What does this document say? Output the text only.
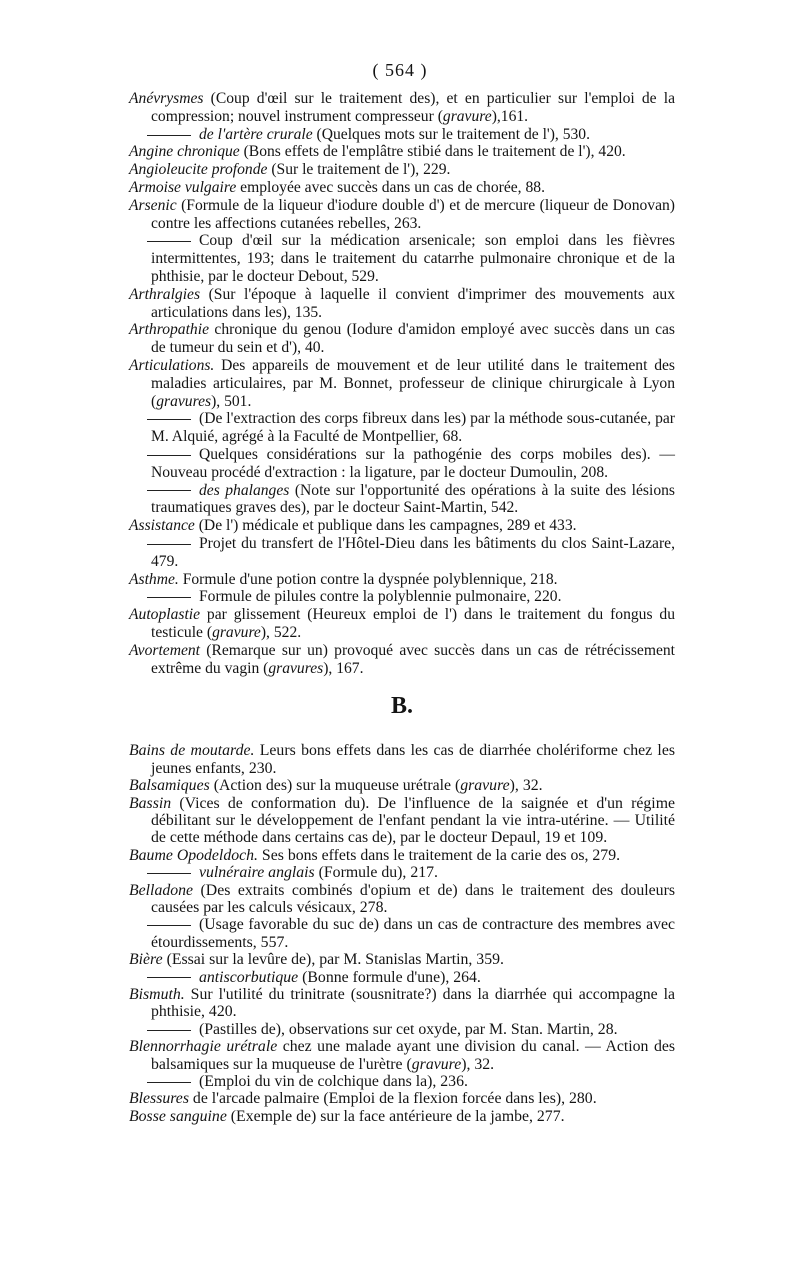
( 564 )

Anévrysmes (Coup d'œil sur le traitement des), et en particulier sur l'emploi de la compression; nouvel instrument compresseur (gravure),161.

de l'artère crurale (Quelques mots sur le traitement de l'), 530.

Angine chronique (Bons effets de l'emplâtre stibié dans le traitement de l'), 420.

Angioleucite profonde (Sur le traitement de l'), 229.

Armoise vulgaire employée avec succès dans un cas de chorée, 88.

Arsenic (Formule de la liqueur d'iodure double d') et de mercure (liqueur de Donovan) contre les affections cutanées rebelles, 263.

Coup d'œil sur la médication arsenicale; son emploi dans les fièvres intermittentes, 193; dans le traitement du catarrhe pulmonaire chronique et de la phthisie, par le docteur Debout, 529.

Arthralgies (Sur l'époque à laquelle il convient d'imprimer des mouvements aux articulations dans les), 135.

Arthropathie chronique du genou (Iodure d'amidon employé avec succès dans un cas de tumeur du sein et d'), 40.

Articulations. Des appareils de mouvement et de leur utilité dans le traitement des maladies articulaires, par M. Bonnet, professeur de clinique chirurgicale à Lyon (gravures), 501.

(De l'extraction des corps fibreux dans les) par la méthode sous-cutanée, par M. Alquié, agrégé à la Faculté de Montpellier, 68.

Quelques considérations sur la pathogénie des corps mobiles des). — Nouveau procédé d'extraction : la ligature, par le docteur Dumoulin, 208.

des phalanges (Note sur l'opportunité des opérations à la suite des lésions traumatiques graves des), par le docteur Saint-Martin, 542.

Assistance (De l') médicale et publique dans les campagnes, 289 et 433.

Projet du transfert de l'Hôtel-Dieu dans les bâtiments du clos Saint-Lazare, 479.

Asthme. Formule d'une potion contre la dyspnée polyblennique, 218.

Formule de pilules contre la polyblennie pulmonaire, 220.

Autoplastie par glissement (Heureux emploi de l') dans le traitement du fongus du testicule (gravure), 522.

Avortement (Remarque sur un) provoqué avec succès dans un cas de rétrécissement extrême du vagin (gravures), 167.

B.

Bains de moutarde. Leurs bons effets dans les cas de diarrhée cholériforme chez les jeunes enfants, 230.

Balsamiques (Action des) sur la muqueuse urétrale (gravure), 32.

Bassin (Vices de conformation du). De l'influence de la saignée et d'un régime débilitant sur le développement de l'enfant pendant la vie intra-utérine. — Utilité de cette méthode dans certains cas de), par le docteur Depaul, 19 et 109.

Baume Opodeldoch. Ses bons effets dans le traitement de la carie des os, 279.

vulnéraire anglais (Formule du), 217.

Belladone (Des extraits combinés d'opium et de) dans le traitement des douleurs causées par les calculs vésicaux, 278.

(Usage favorable du suc de) dans un cas de contracture des membres avec étourdissements, 557.

Bière (Essai sur la levûre de), par M. Stanislas Martin, 359.

antiscorbutique (Bonne formule d'une), 264.

Bismuth. Sur l'utilité du trinitrate (sousnitrate?) dans la diarrhée qui accompagne la phthisie, 420.

(Pastilles de), observations sur cet oxyde, par M. Stan. Martin, 28.

Blennorrhagie urétrale chez une malade ayant une division du canal. — Action des balsamiques sur la muqueuse de l'urètre (gravure), 32.

(Emploi du vin de colchique dans la), 236.

Blessures de l'arcade palmaire (Emploi de la flexion forcée dans les), 280.

Bosse sanguine (Exemple de) sur la face antérieure de la jambe, 277.
